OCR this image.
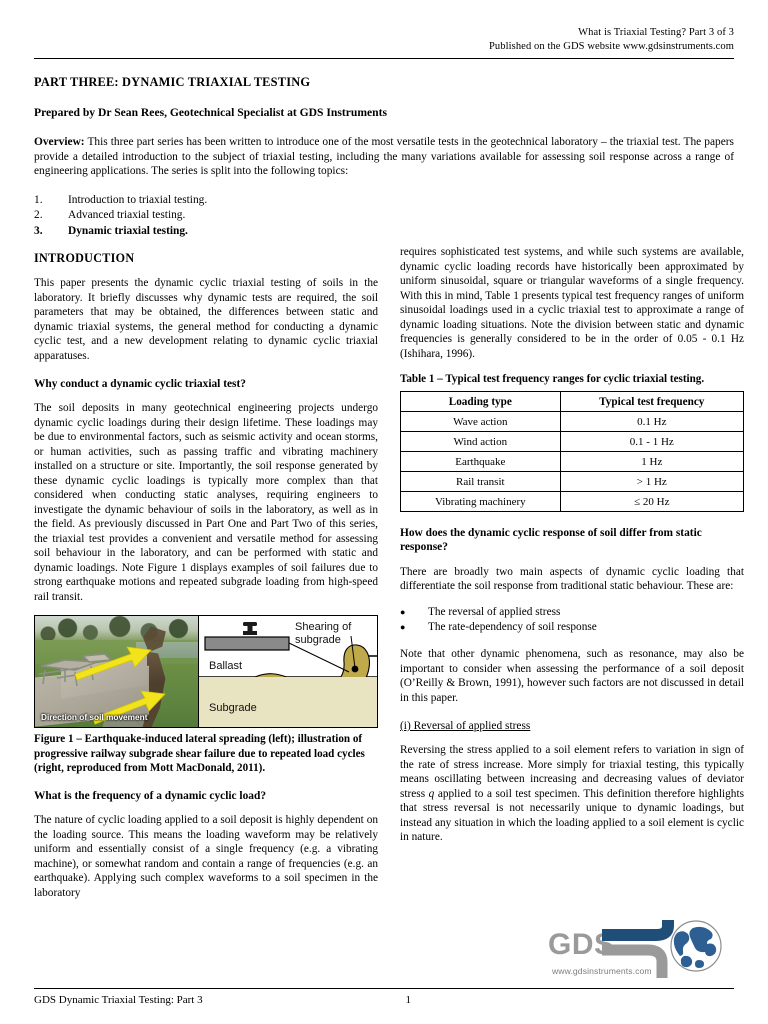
What is Triaxial Testing? Part 3 of 3
Published on the GDS website www.gdsinstruments.com
PART THREE: DYNAMIC TRIAXIAL TESTING
Prepared by Dr Sean Rees, Geotechnical Specialist at GDS Instruments

Overview: This three part series has been written to introduce one of the most versatile tests in the geotechnical laboratory – the triaxial test. The papers provide a detailed introduction to the subject of triaxial testing, including the many variations available for assessing soil response across a range of engineering applications. The series is split into the following topics:

1.	Introduction to triaxial testing.
2.	Advanced triaxial testing.
3.	Dynamic triaxial testing.
INTRODUCTION

This paper presents the dynamic cyclic triaxial testing of soils in the laboratory. It briefly discusses why dynamic tests are required, the soil parameters that may be obtained, the differences between static and dynamic triaxial systems, the general method for conducting a dynamic cyclic test, and a new development relating to dynamic cyclic triaxial apparatuses.

Why conduct a dynamic cyclic triaxial test?

The soil deposits in many geotechnical engineering projects undergo dynamic cyclic loadings during their design lifetime. These loadings may be due to environmental factors, such as seismic activity and ocean storms, or human activities, such as passing traffic and vibrating machinery installed on a structure or site. Importantly, the soil response generated by these dynamic cyclic loadings is typically more complex than that considered when conducting static analyses, requiring engineers to investigate the dynamic behaviour of soils in the laboratory, as well as in the field. As previously discussed in Part One and Part Two of this series, the triaxial test provides a convenient and versatile method for assessing soil behaviour in the laboratory, and can be performed with static and dynamic loadings. Note Figure 1 displays examples of soil failures due to strong earthquake motions and repeated subgrade loading from high-speed rail transit.

Direction of soil movement
Ballast
Subgrade
Shearing of subgrade
Figure 1 – Earthquake-induced lateral spreading (left); illustration of progressive railway subgrade shear failure due to repeated load cycles (right, reproduced from Mott MacDonald, 2011).
What is the frequency of a dynamic cyclic load?

The nature of cyclic loading applied to a soil deposit is highly dependent on the loading source. This means the loading waveform may be relatively uniform and essentially consist of a single frequency (e.g. a vibrating machine), or somewhat random and contain a range of frequencies (e.g. an earthquake). Applying such complex waveforms to a soil specimen in the laboratory

requires sophisticated test systems, and while such systems are available, dynamic cyclic loading records have historically been approximated by uniform sinusoidal, square or triangular waveforms of a single frequency. With this in mind, Table 1 presents typical test frequency ranges of uniform sinusoidal loadings used in a cyclic triaxial test to approximate a range of dynamic loading situations. Note the division between static and dynamic frequencies is generally considered to be in the order of 0.05 - 0.1 Hz (Ishihara, 1996).

Table 1 – Typical test frequency ranges for cyclic triaxial testing.
Loading type	Typical test frequency
Wave action	0.1 Hz
Wind action	0.1 - 1 Hz
Earthquake	1 Hz
Rail transit	> 1 Hz
Vibrating machinery	≤ 20 Hz
How does the dynamic cyclic response of soil differ from static response?

There are broadly two main aspects of dynamic cyclic loading that differentiate the soil response from traditional static behaviour. These are:

●	The reversal of applied stress
●	The rate-dependency of soil response

Note that other dynamic phenomena, such as resonance, may also be important to consider when assessing the performance of a soil deposit (O’Reilly & Brown, 1991), however such factors are not discussed in detail in this paper.

(i) Reversal of applied stress

Reversing the stress applied to a soil element refers to variation in sign of the rate of stress increase. More simply for triaxial testing, this typically means oscillating between increasing and decreasing values of deviator stress q applied to a soil test specimen. This definition therefore highlights that stress reversal is not necessarily unique to dynamic loadings, but instead any situation in which the loading applied to a soil element is cyclic in nature.

GDS
www.gdsinstruments.com
GDS Dynamic Triaxial Testing: Part 3	1
